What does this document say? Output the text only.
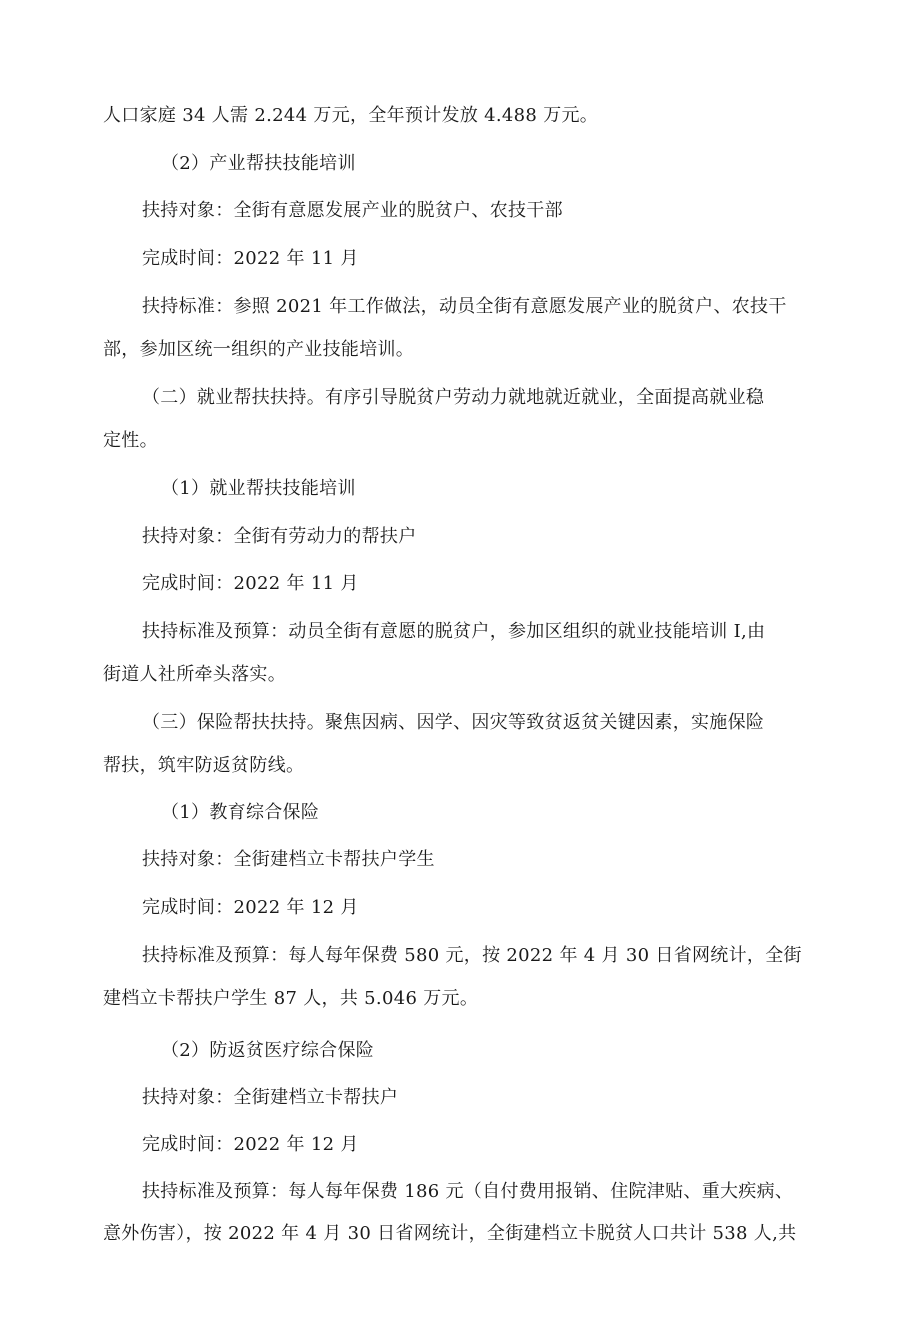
人口家庭 34 人需 2.244 万元，全年预计发放 4.488 万元。
（2）产业帮扶技能培训
扶持对象：全街有意愿发展产业的脱贫户、农技干部
完成时间：2022 年 11 月
扶持标准：参照 2021 年工作做法，动员全街有意愿发展产业的脱贫户、农技干
部，参加区统一组织的产业技能培训。
（二）就业帮扶扶持。有序引导脱贫户劳动力就地就近就业，全面提高就业稳
定性。
（1）就业帮扶技能培训
扶持对象：全街有劳动力的帮扶户
完成时间：2022 年 11 月
扶持标准及预算：动员全街有意愿的脱贫户，参加区组织的就业技能培训 I,由
街道人社所牵头落实。
（三）保险帮扶扶持。聚焦因病、因学、因灾等致贫返贫关键因素，实施保险
帮扶，筑牢防返贫防线。
（1）教育综合保险
扶持对象：全街建档立卡帮扶户学生
完成时间：2022 年 12 月
扶持标准及预算：每人每年保费 580 元，按 2022 年 4 月 30 日省网统计，全街
建档立卡帮扶户学生 87 人，共 5.046 万元。
（2）防返贫医疗综合保险
扶持对象：全街建档立卡帮扶户
完成时间：2022 年 12 月
扶持标准及预算：每人每年保费 186 元（自付费用报销、住院津贴、重大疾病、
意外伤害），按 2022 年 4 月 30 日省网统计，全街建档立卡脱贫人口共计 538 人,共
